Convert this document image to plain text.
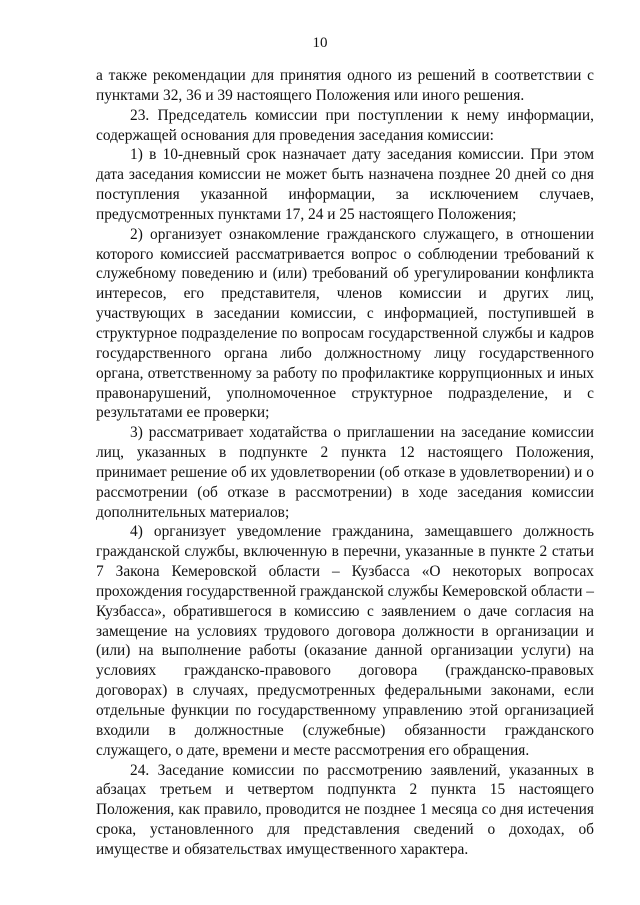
10

а также рекомендации для принятия одного из решений в соответствии с пунктами 32, 36 и 39 настоящего Положения или иного решения.

23. Председатель комиссии при поступлении к нему информации, содержащей основания для проведения заседания комиссии:

1) в 10-дневный срок назначает дату заседания комиссии. При этом дата заседания комиссии не может быть назначена позднее 20 дней со дня поступления указанной информации, за исключением случаев, предусмотренных пунктами 17, 24 и 25 настоящего Положения;

2) организует ознакомление гражданского служащего, в отношении которого комиссией рассматривается вопрос о соблюдении требований к служебному поведению и (или) требований об урегулировании конфликта интересов, его представителя, членов комиссии и других лиц, участвующих в заседании комиссии, с информацией, поступившей в структурное подразделение по вопросам государственной службы и кадров государственного органа либо должностному лицу государственного органа, ответственному за работу по профилактике коррупционных и иных правонарушений, уполномоченное структурное подразделение, и с результатами ее проверки;

3) рассматривает ходатайства о приглашении на заседание комиссии лиц, указанных в подпункте 2 пункта 12 настоящего Положения, принимает решение об их удовлетворении (об отказе в удовлетворении) и о рассмотрении (об отказе в рассмотрении) в ходе заседания комиссии дополнительных материалов;

4) организует уведомление гражданина, замещавшего должность гражданской службы, включенную в перечни, указанные в пункте 2 статьи 7 Закона Кемеровской области – Кузбасса «О некоторых вопросах прохождения государственной гражданской службы Кемеровской области – Кузбасса», обратившегося в комиссию с заявлением о даче согласия на замещение на условиях трудового договора должности в организации и (или) на выполнение работы (оказание данной организации услуги) на условиях гражданско-правового договора (гражданско-правовых договорах) в случаях, предусмотренных федеральными законами, если отдельные функции по государственному управлению этой организацией входили в должностные (служебные) обязанности гражданского служащего, о дате, времени и месте рассмотрения его обращения.

24. Заседание комиссии по рассмотрению заявлений, указанных в абзацах третьем и четвертом подпункта 2 пункта 15 настоящего Положения, как правило, проводится не позднее 1 месяца со дня истечения срока, установленного для представления сведений о доходах, об имуществе и обязательствах имущественного характера.
